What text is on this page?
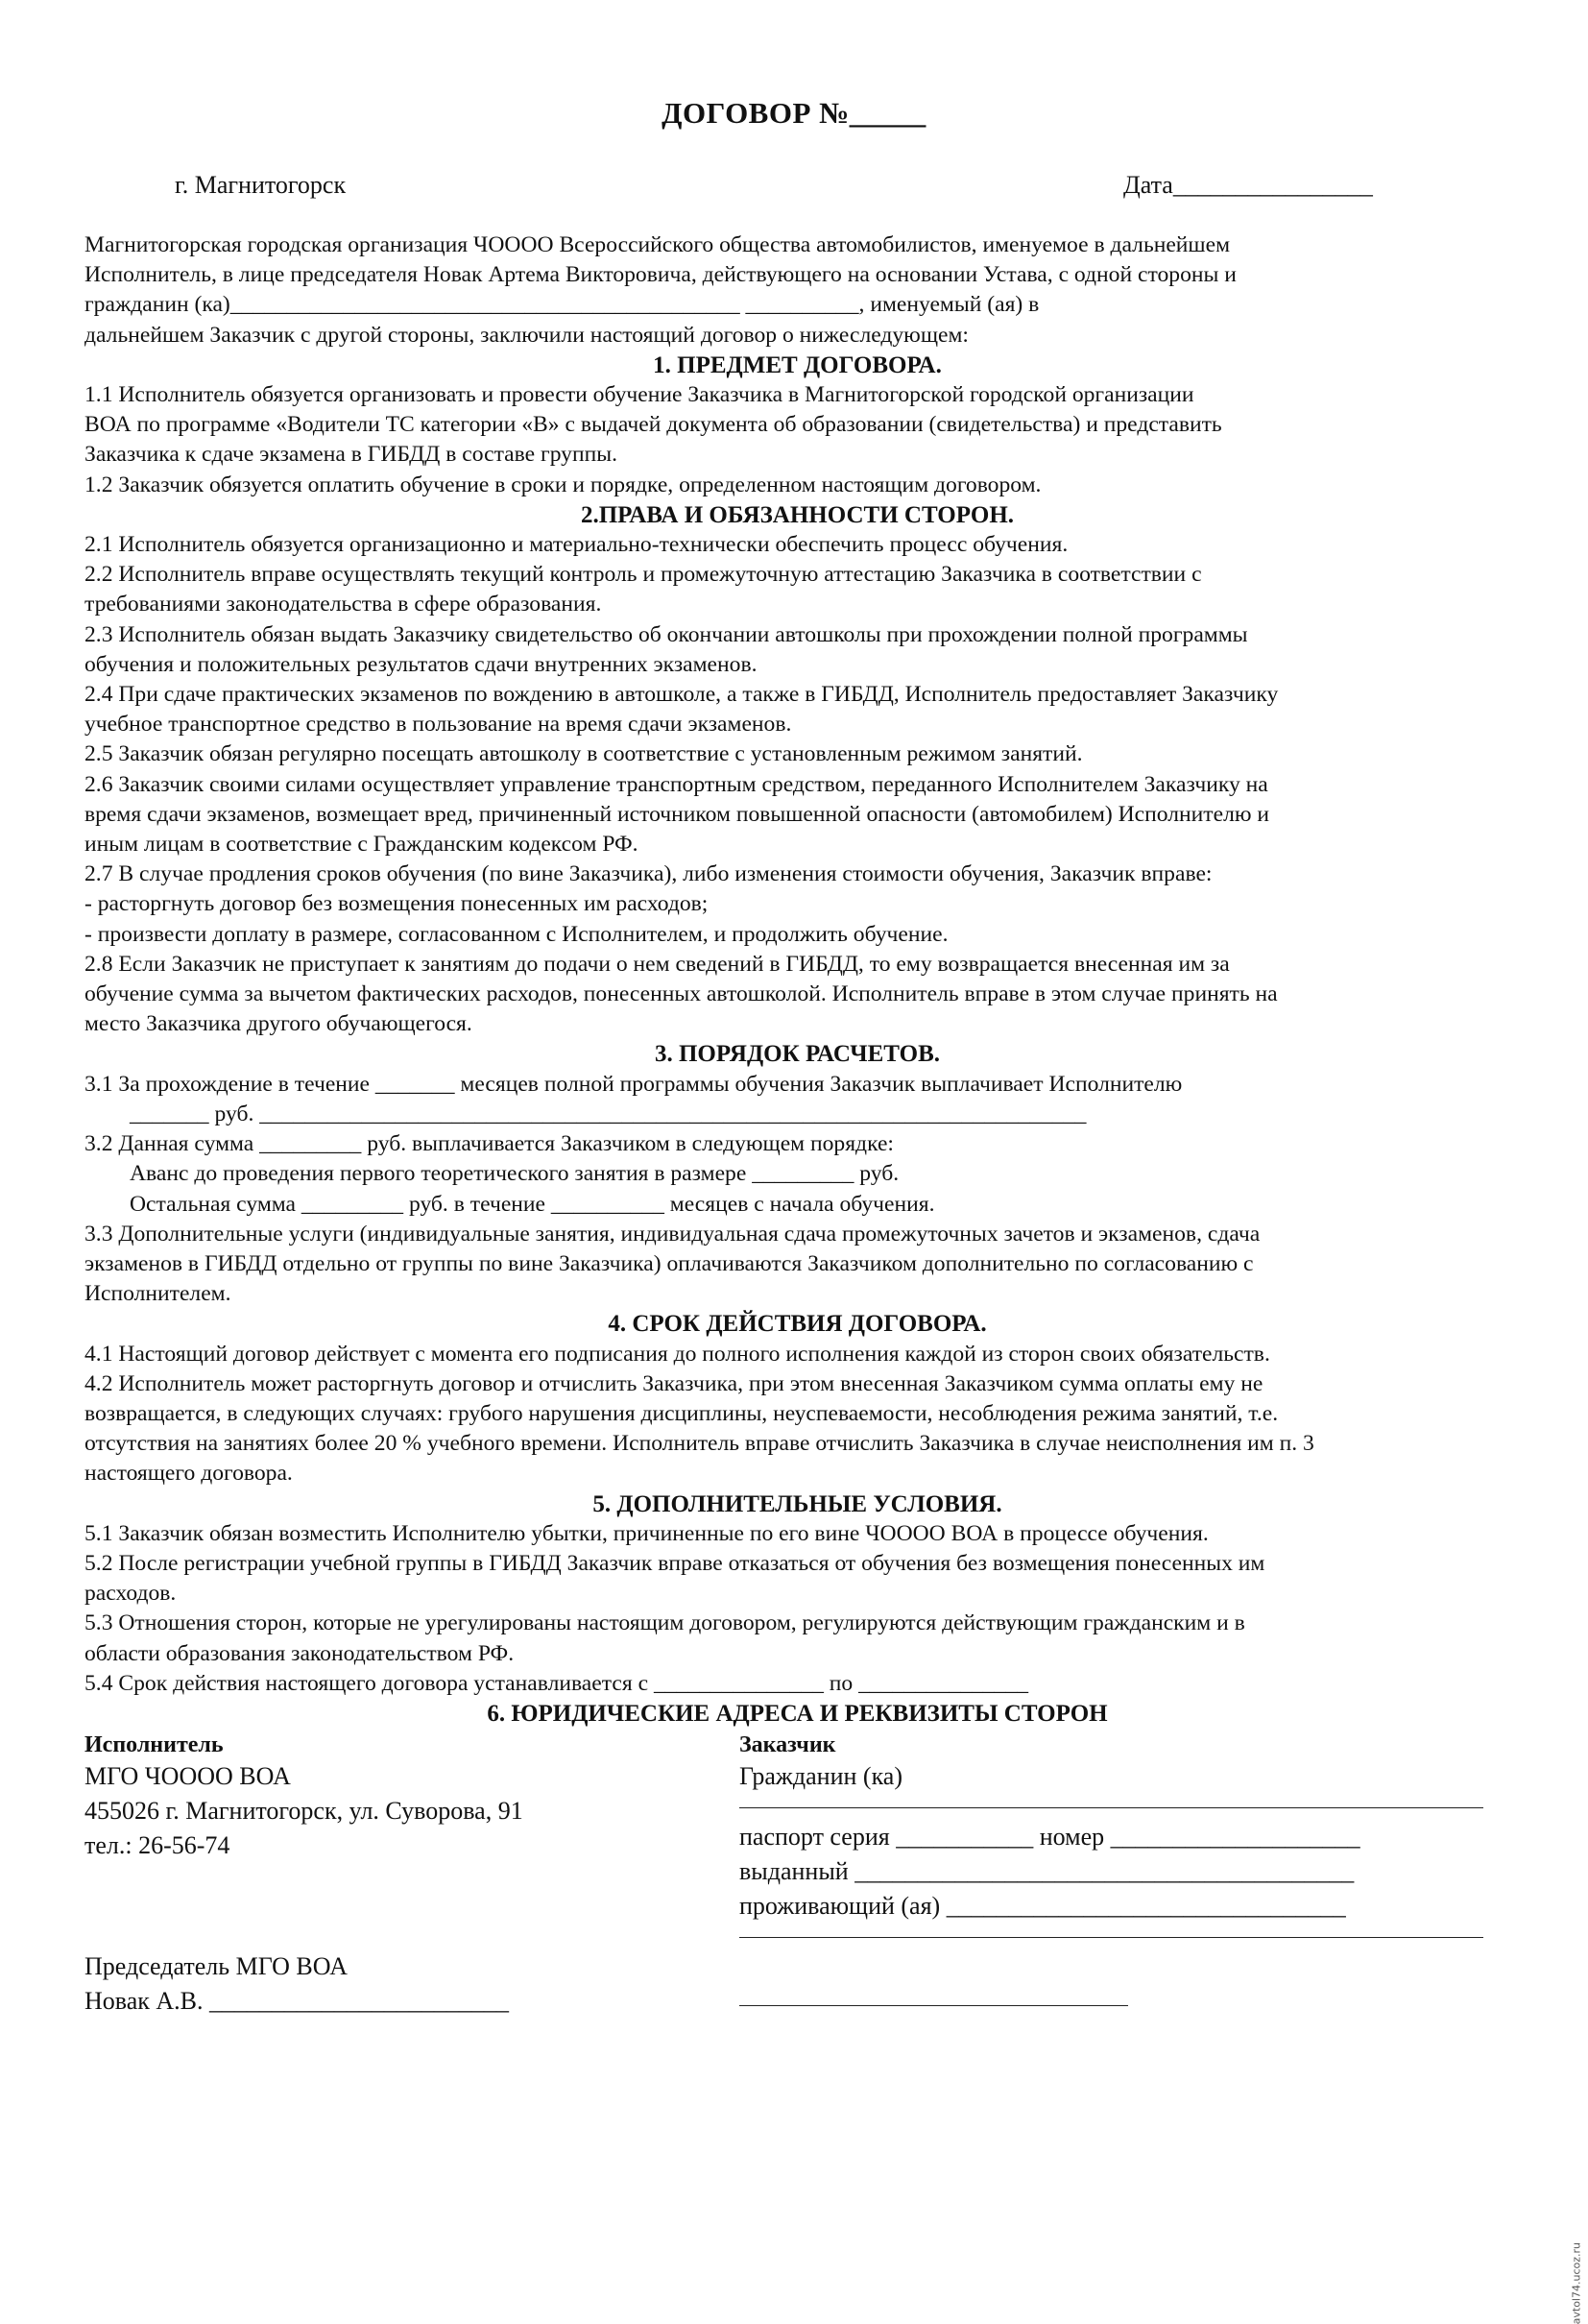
ДОГОВОР №_____
г. Магнитогорск	Дата________________

Магнитогорская городская организация ЧОООО Всероссийского общества автомобилистов, именуемое в дальнейшем

Исполнитель, в лице председателя Новак Артема Викторовича, действующего на основании Устава, с одной стороны и

гражданин (ка)_____________________________________________ __________, именуемый (ая) в

дальнейшем Заказчик с другой стороны, заключили настоящий договор о нижеследующем:

1. ПРЕДМЕТ ДОГОВОРА.

1.1 Исполнитель обязуется организовать и провести обучение Заказчика в Магнитогорской городской организации

ВОА по программе «Водители ТС категории «В» с выдачей документа об образовании (свидетельства) и представить

Заказчика к сдаче экзамена в ГИБДД в составе группы.

1.2 Заказчик обязуется оплатить обучение в сроки и порядке, определенном настоящим договором.

2.ПРАВА И ОБЯЗАННОСТИ СТОРОН.

2.1 Исполнитель обязуется организационно и материально-технически обеспечить процесс обучения.

2.2 Исполнитель вправе осуществлять текущий контроль и промежуточную аттестацию Заказчика в соответствии с

требованиями законодательства в сфере образования.

2.3 Исполнитель обязан выдать Заказчику свидетельство об окончании автошколы при прохождении полной программы

обучения и положительных результатов сдачи внутренних экзаменов.

2.4 При сдаче практических экзаменов по вождению в автошколе, а также в ГИБДД, Исполнитель предоставляет Заказчику

учебное транспортное средство в пользование на время сдачи экзаменов.

2.5 Заказчик обязан регулярно посещать автошколу в соответствие с установленным режимом занятий.

2.6 Заказчик своими силами осуществляет управление транспортным средством, переданного Исполнителем Заказчику на

время сдачи экзаменов, возмещает вред, причиненный источником повышенной опасности (автомобилем) Исполнителю и

иным лицам в соответствие с Гражданским кодексом РФ.

2.7 В случае продления сроков обучения (по вине Заказчика), либо изменения стоимости обучения, Заказчик вправе:

- расторгнуть договор без возмещения понесенных им расходов;

- произвести доплату в размере, согласованном с Исполнителем, и продолжить обучение.

2.8 Если Заказчик не приступает к занятиям до подачи о нем сведений в ГИБДД, то ему возвращается внесенная им за

обучение сумма за вычетом фактических расходов, понесенных автошколой. Исполнитель вправе в этом случае принять на

место Заказчика другого обучающегося.

3. ПОРЯДОК РАСЧЕТОВ.

3.1 За прохождение в течение _______ месяцев полной программы обучения Заказчик выплачивает Исполнителю

_______ руб. _________________________________________________________________________

3.2 Данная сумма _________ руб. выплачивается Заказчиком в следующем порядке:

Аванс до проведения первого теоретического занятия в размере _________ руб.

Остальная сумма _________ руб. в течение __________ месяцев с начала обучения.

3.3 Дополнительные услуги (индивидуальные занятия, индивидуальная сдача промежуточных зачетов и экзаменов, сдача

экзаменов в ГИБДД отдельно от группы по вине Заказчика) оплачиваются Заказчиком дополнительно по согласованию с

Исполнителем.

4. СРОК ДЕЙСТВИЯ ДОГОВОРА.

4.1 Настоящий договор действует с момента его подписания до полного исполнения каждой из сторон своих обязательств.

4.2 Исполнитель может расторгнуть договор и отчислить Заказчика, при этом внесенная Заказчиком сумма оплаты ему не

возвращается, в следующих случаях: грубого нарушения дисциплины, неуспеваемости, несоблюдения режима занятий, т.е.

отсутствия на занятиях более 20 % учебного времени. Исполнитель вправе отчислить Заказчика в случае неисполнения им п. 3

настоящего договора.

5. ДОПОЛНИТЕЛЬНЫЕ УСЛОВИЯ.

5.1 Заказчик обязан возместить Исполнителю убытки, причиненные по его вине ЧОООО ВОА в процессе обучения.

5.2 После регистрации учебной группы в ГИБДД Заказчик вправе отказаться от обучения без возмещения понесенных им

расходов.

5.3 Отношения сторон, которые не урегулированы настоящим договором, регулируются действующим гражданским и в

области образования законодательством РФ.

5.4 Срок действия настоящего договора устанавливается с _______________ по _______________

6. ЮРИДИЧЕСКИЕ АДРЕСА И РЕКВИЗИТЫ СТОРОН

Исполнитель
МГО ЧОООО ВОА
455026 г. Магнитогорск, ул. Суворова, 91
тел.: 26-56-74
Заказчик
Гражданин (ка)
паспорт серия ___________ номер ____________________
выданный ________________________________________
проживающий (ая) ________________________________
Председатель МГО ВОА
Новак А.В. ________________________
avtol74.ucoz.ru
